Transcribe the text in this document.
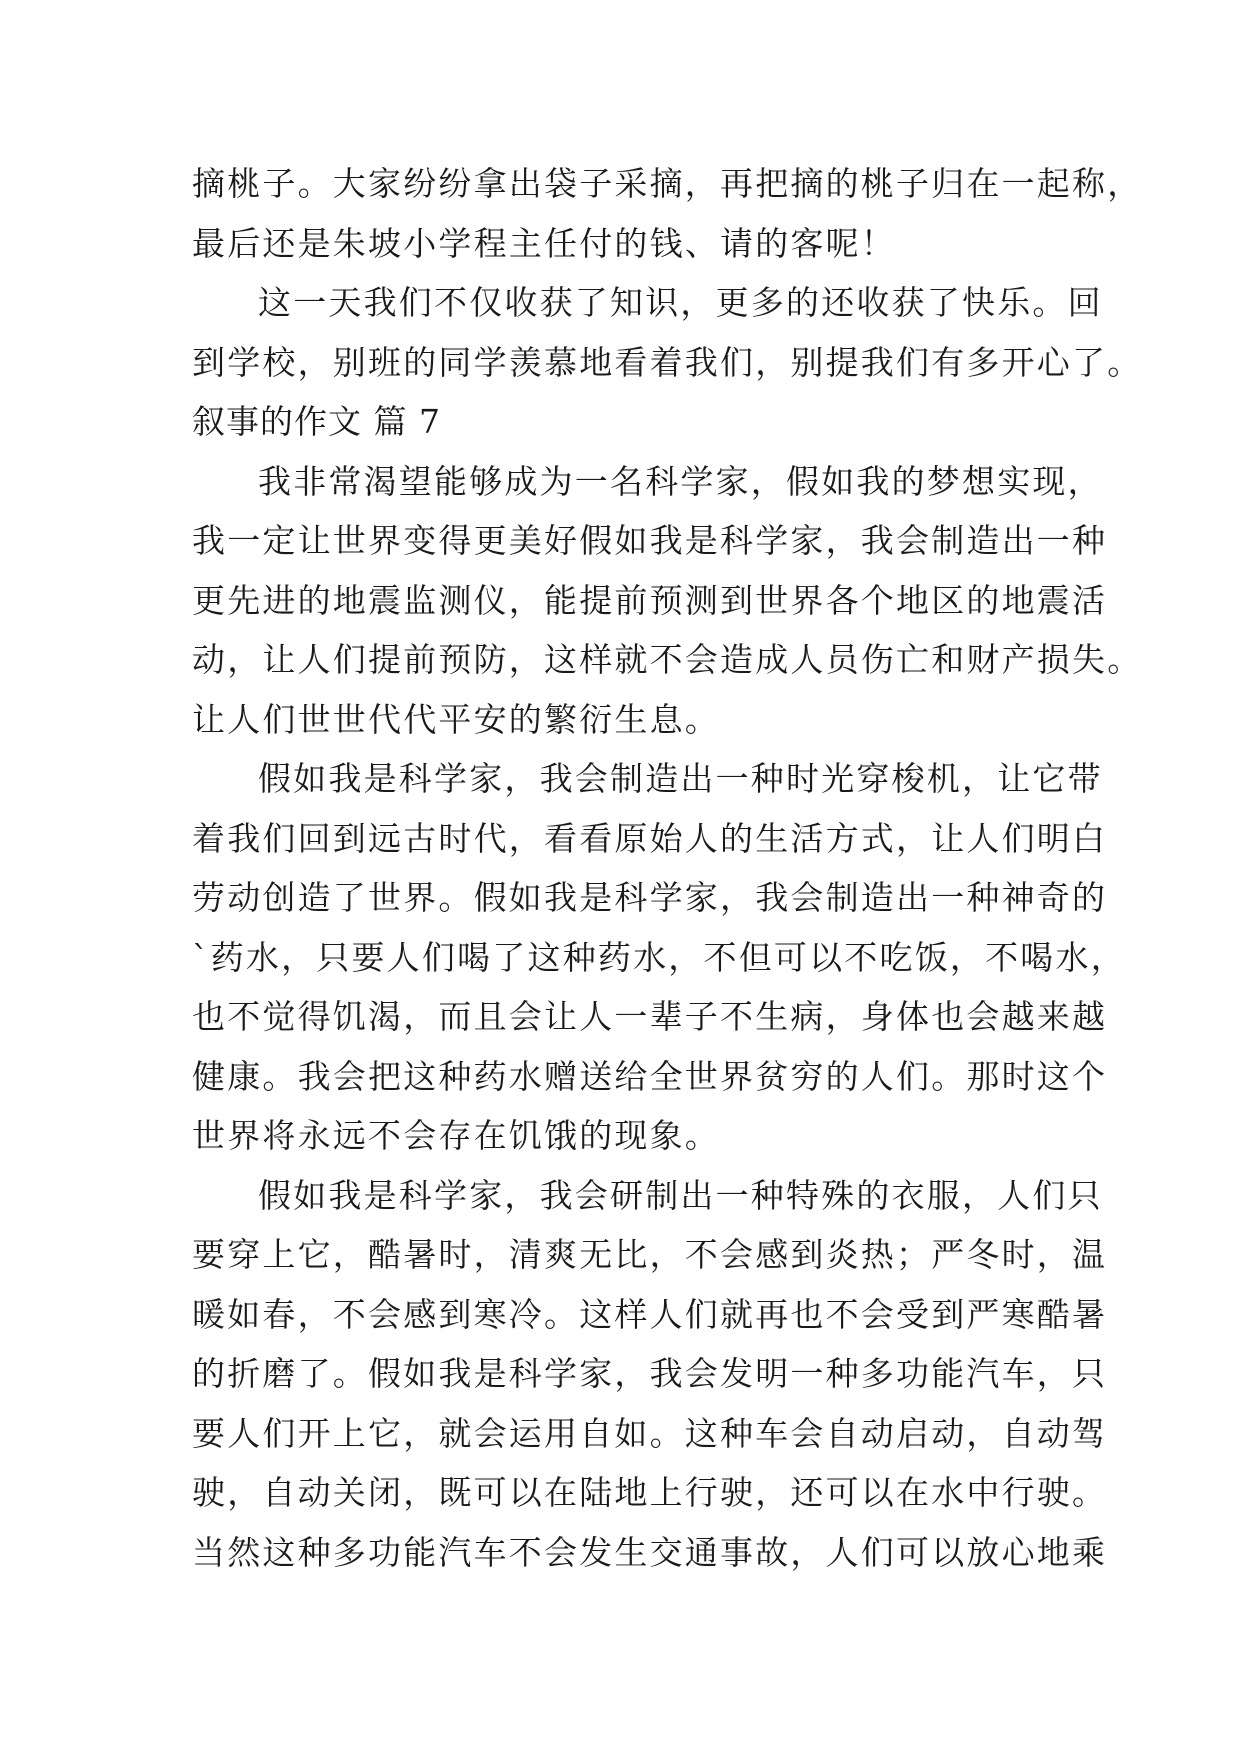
摘桃子。大家纷纷拿出袋子采摘，再把摘的桃子归在一起称，
最后还是朱坡小学程主任付的钱、请的客呢！
这一天我们不仅收获了知识，更多的还收获了快乐。回
到学校，别班的同学羡慕地看着我们，别提我们有多开心了。
叙事的作文 篇 7
我非常渴望能够成为一名科学家，假如我的梦想实现，
我一定让世界变得更美好假如我是科学家，我会制造出一种
更先进的地震监测仪，能提前预测到世界各个地区的地震活
动，让人们提前预防，这样就不会造成人员伤亡和财产损失。
让人们世世代代平安的繁衍生息。
假如我是科学家，我会制造出一种时光穿梭机，让它带
着我们回到远古时代，看看原始人的生活方式，让人们明白
劳动创造了世界。假如我是科学家，我会制造出一种神奇的
`药水，只要人们喝了这种药水，不但可以不吃饭，不喝水，
也不觉得饥渴，而且会让人一辈子不生病，身体也会越来越
健康。我会把这种药水赠送给全世界贫穷的人们。那时这个
世界将永远不会存在饥饿的现象。
假如我是科学家，我会研制出一种特殊的衣服，人们只
要穿上它，酷暑时，清爽无比，不会感到炎热；严冬时，温
暖如春，不会感到寒冷。这样人们就再也不会受到严寒酷暑
的折磨了。假如我是科学家，我会发明一种多功能汽车，只
要人们开上它，就会运用自如。这种车会自动启动，自动驾
驶，自动关闭，既可以在陆地上行驶，还可以在水中行驶。
当然这种多功能汽车不会发生交通事故，人们可以放心地乘
